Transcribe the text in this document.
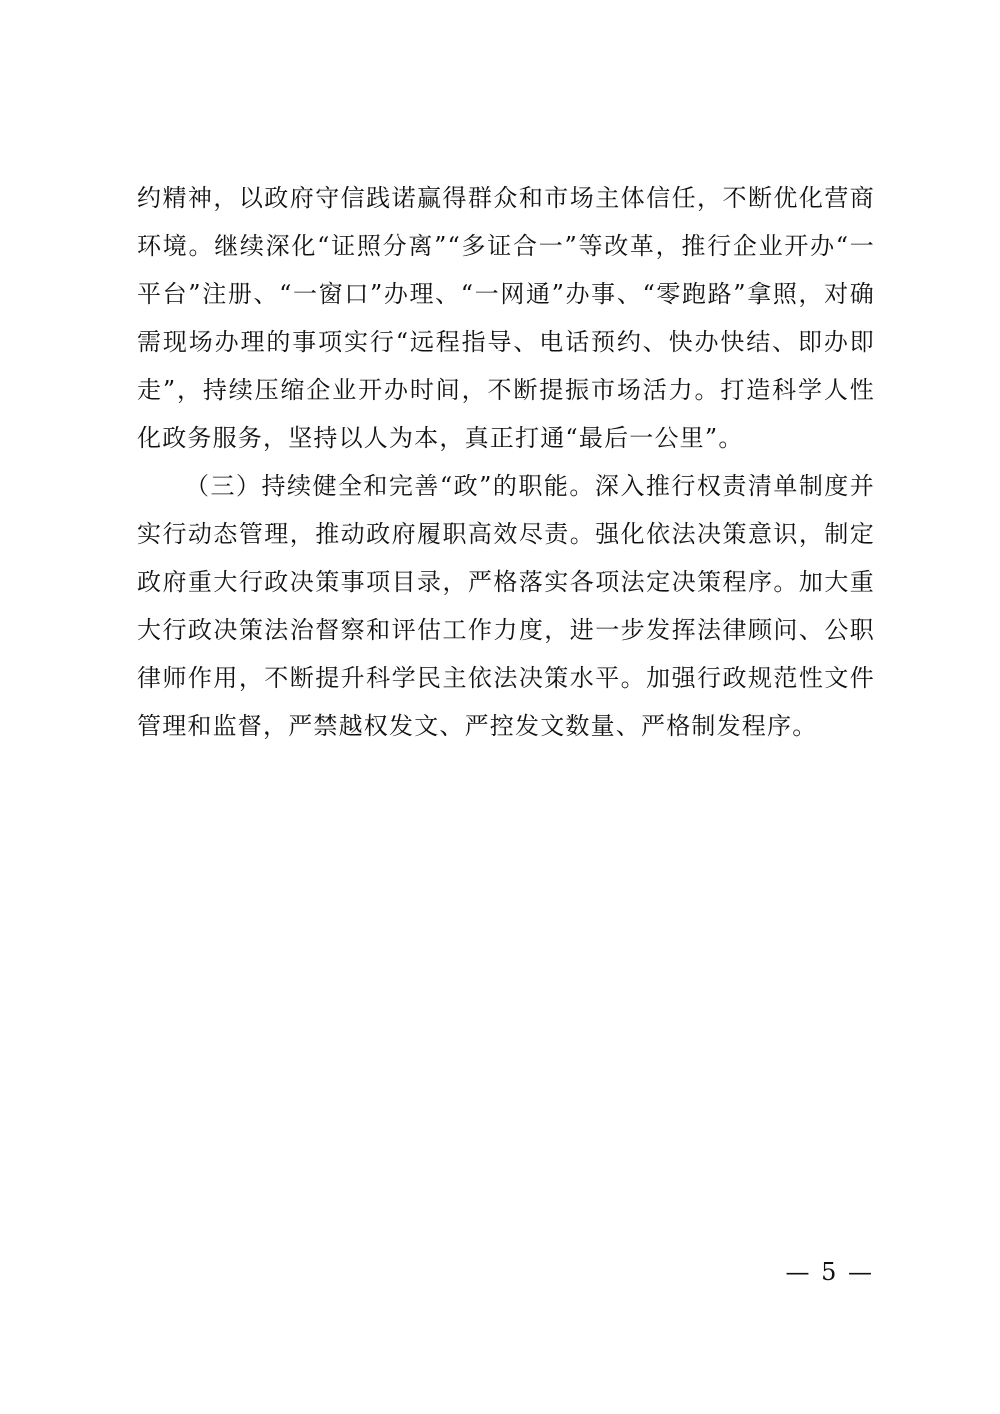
约精神，以政府守信践诺赢得群众和市场主体信任，不断优化营商环境。继续深化“证照分离”“多证合一”等改革，推行企业开办“一平台”注册、“一窗口”办理、“一网通”办事、“零跑路”拿照，对确需现场办理的事项实行“远程指导、电话预约、快办快结、即办即走”，持续压缩企业开办时间，不断提振市场活力。打造科学人性化政务服务，坚持以人为本，真正打通“最后一公里”。

（三）持续健全和完善“政”的职能。深入推行权责清单制度并实行动态管理，推动政府履职高效尽责。强化依法决策意识，制定政府重大行政决策事项目录，严格落实各项法定决策程序。加大重大行政决策法治督察和评估工作力度，进一步发挥法律顾问、公职律师作用，不断提升科学民主依法决策水平。加强行政规范性文件管理和监督，严禁越权发文、严控发文数量、严格制发程序。

— 5 —
